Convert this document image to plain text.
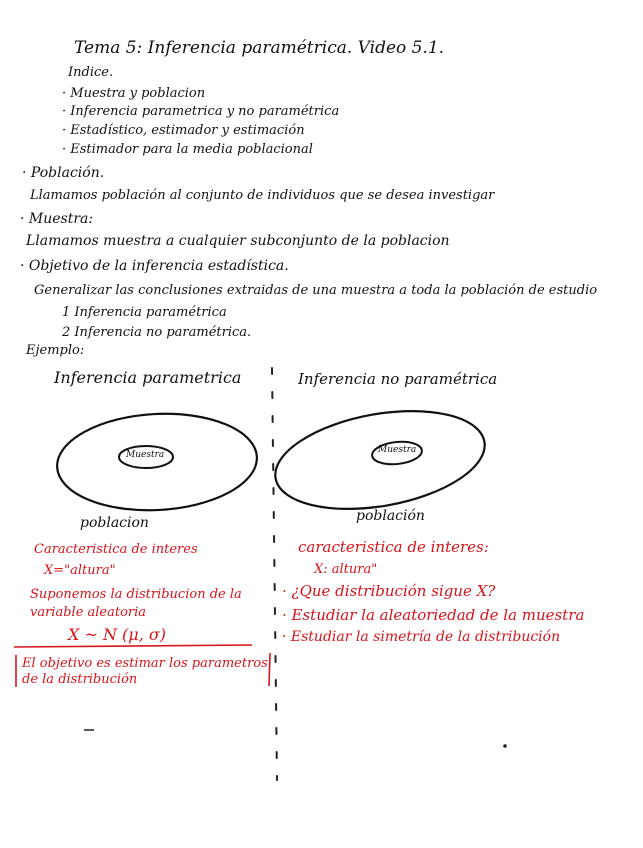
Tema 5: Inferencia paramétrica. Video 5.1.
Indice.
· Muestra y poblacion
· Inferencia parametrica y no paramétrica
· Estadístico, estimador y estimación
· Estimador para la media poblacional
· Población.
Llamamos población al conjunto de individuos que se desea investigar
· Muestra:
Llamamos muestra a cualquier subconjunto de la poblacion
· Objetivo de la inferencia estadística.
Generalizar las conclusiones extraidas de una muestra a toda la población de estudio
1 Inferencia paramétrica
2 Inferencia no paramétrica.
Ejemplo:
Inferencia parametrica
Muestra
poblacion
Caracteristica de interes
X="altura"
Suponemos la distribucion de la
variable aleatoria
X ~ N (μ, σ)
El objetivo es estimar los parametros
de la distribución
Inferencia no paramétrica
Muestra
población
caracteristica de interes:
X: altura"
· ¿Que distribución sigue X?
· Estudiar la aleatoriedad de la muestra
· Estudiar la simetría de la distribución
